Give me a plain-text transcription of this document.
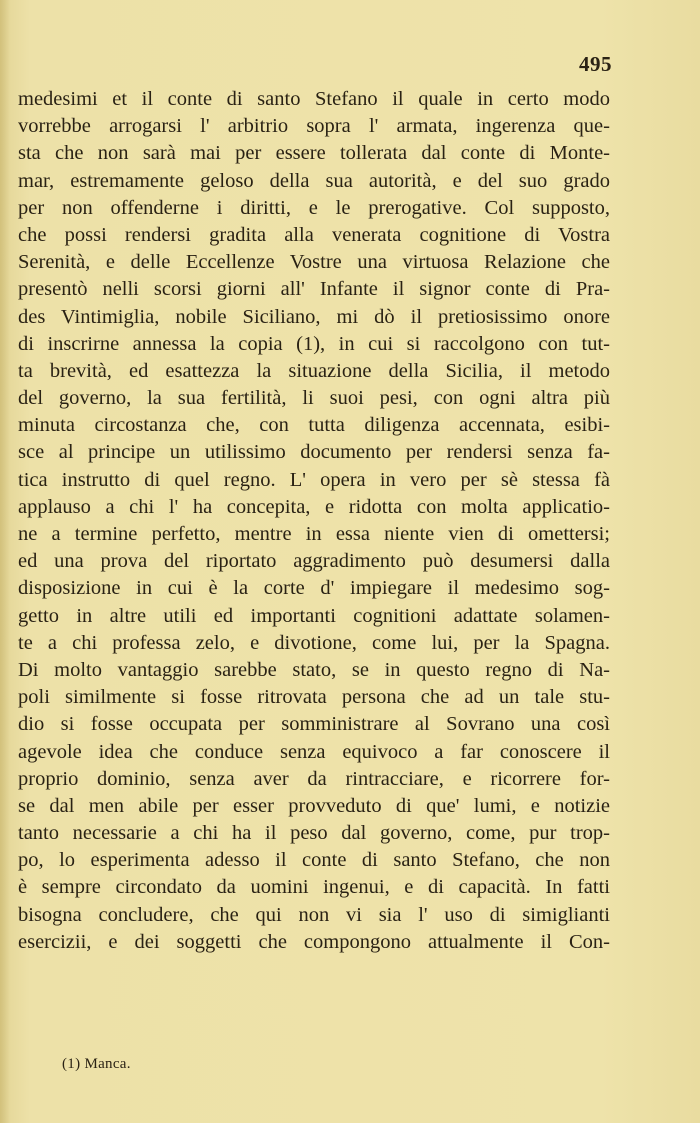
495
medesimi et il conte di santo Stefano il quale in certo modo
vorrebbe arrogarsi l' arbitrio sopra l' armata, ingerenza que-
sta che non sarà mai per essere tollerata dal conte di Monte-
mar, estremamente geloso della sua autorità, e del suo grado
per non offenderne i diritti, e le prerogative. Col supposto,
che possi rendersi gradita alla venerata cognitione di Vostra
Serenità, e delle Eccellenze Vostre una virtuosa Relazione che
presentò nelli scorsi giorni all' Infante il signor conte di Pra-
des Vintimiglia, nobile Siciliano, mi dò il pretiosissimo onore
di inscrirne annessa la copia (1), in cui si raccolgono con tut-
ta brevità, ed esattezza la situazione della Sicilia, il metodo
del governo, la sua fertilità, li suoi pesi, con ogni altra più
minuta circostanza che, con tutta diligenza accennata, esibi-
sce al principe un utilissimo documento per rendersi senza fa-
tica instrutto di quel regno. L' opera in vero per sè stessa fà
applauso a chi l' ha concepita, e ridotta con molta applicatio-
ne a termine perfetto, mentre in essa niente vien di omettersi;
ed una prova del riportato aggradimento può desumersi dalla
disposizione in cui è la corte d' impiegare il medesimo sog-
getto in altre utili ed importanti cognitioni adattate solamen-
te a chi professa zelo, e divotione, come lui, per la Spagna.
Di molto vantaggio sarebbe stato, se in questo regno di Na-
poli similmente si fosse ritrovata persona che ad un tale stu-
dio si fosse occupata per somministrare al Sovrano una così
agevole idea che conduce senza equivoco a far conoscere il
proprio dominio, senza aver da rintracciare, e ricorrere for-
se dal men abile per esser provveduto di que' lumi, e notizie
tanto necessarie a chi ha il peso dal governo, come, pur trop-
po, lo esperimenta adesso il conte di santo Stefano, che non
è sempre circondato da uomini ingenui, e di capacità. In fatti
bisogna concludere, che qui non vi sia l' uso di simiglianti
esercizii, e dei soggetti che compongono attualmente il Con-
(1) Manca.
